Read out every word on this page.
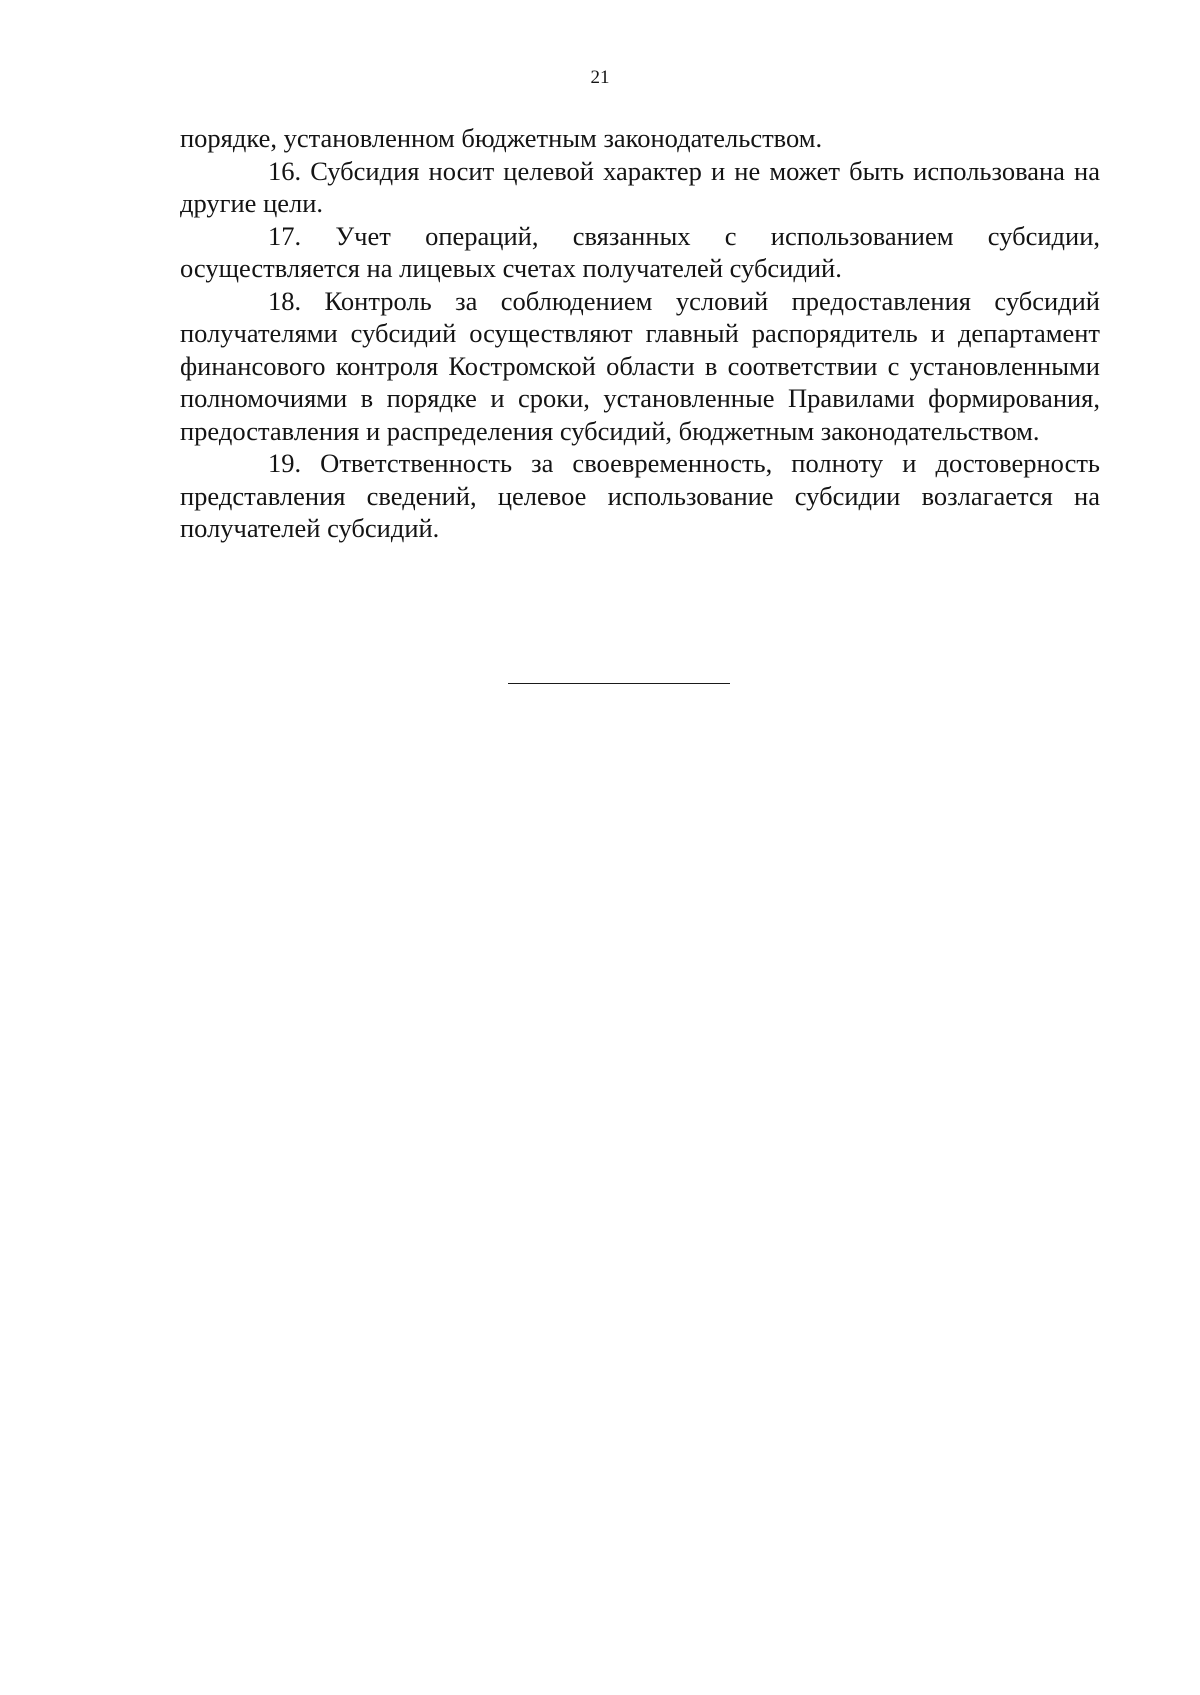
21

порядке, установленном бюджетным законодательством.

16. Субсидия носит целевой характер и не может быть использована на другие цели.

17. Учет операций, связанных с использованием субсидии, осуществляется на лицевых счетах получателей субсидий.

18. Контроль за соблюдением условий предоставления субсидий получателями субсидий осуществляют главный распорядитель и департамент финансового контроля Костромской области в соответствии с установленными полномочиями в порядке и сроки, установленные Правилами формирования, предоставления и распределения субсидий, бюджетным законодательством.

19. Ответственность за своевременность, полноту и достоверность представления сведений, целевое использование субсидии возлагается на получателей субсидий.
